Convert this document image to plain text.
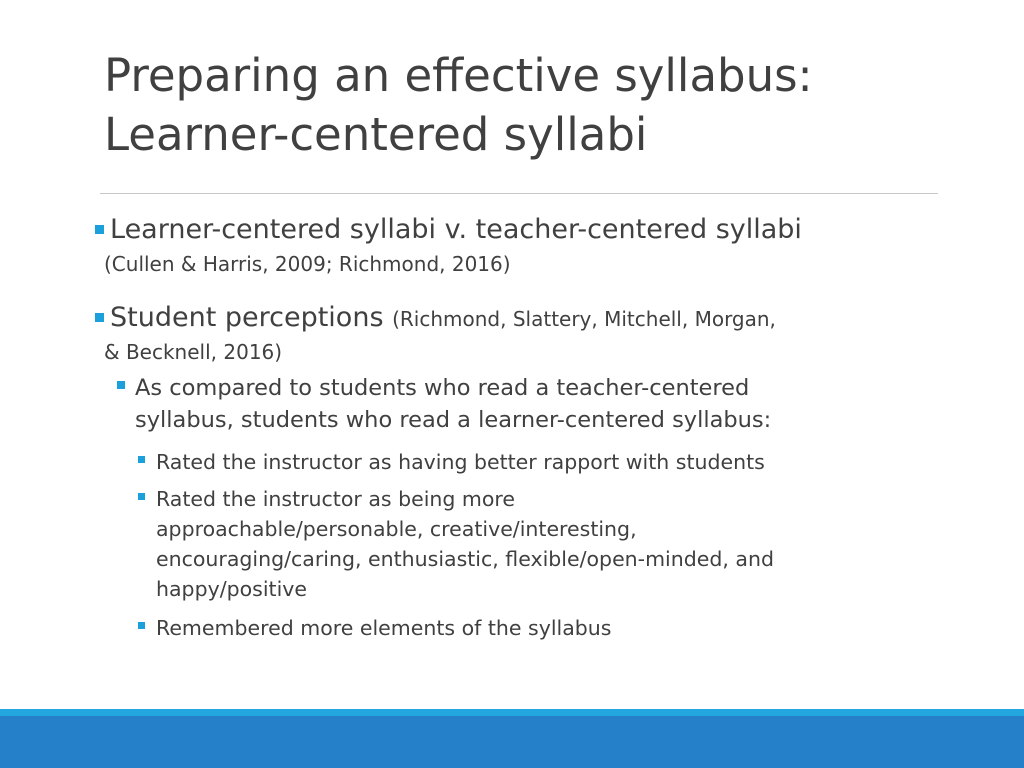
Preparing an effective syllabus:
Learner-centered syllabi
Learner-centered syllabi v. teacher-centered syllabi
(Cullen & Harris, 2009; Richmond, 2016)
Student perceptions (Richmond, Slattery, Mitchell, Morgan,
& Becknell, 2016)
As compared to students who read a teacher-centered
syllabus, students who read a learner-centered syllabus:
Rated the instructor as having better rapport with students
Rated the instructor as being more
approachable/personable, creative/interesting,
encouraging/caring, enthusiastic, flexible/open-minded, and
happy/positive
Remembered more elements of the syllabus
